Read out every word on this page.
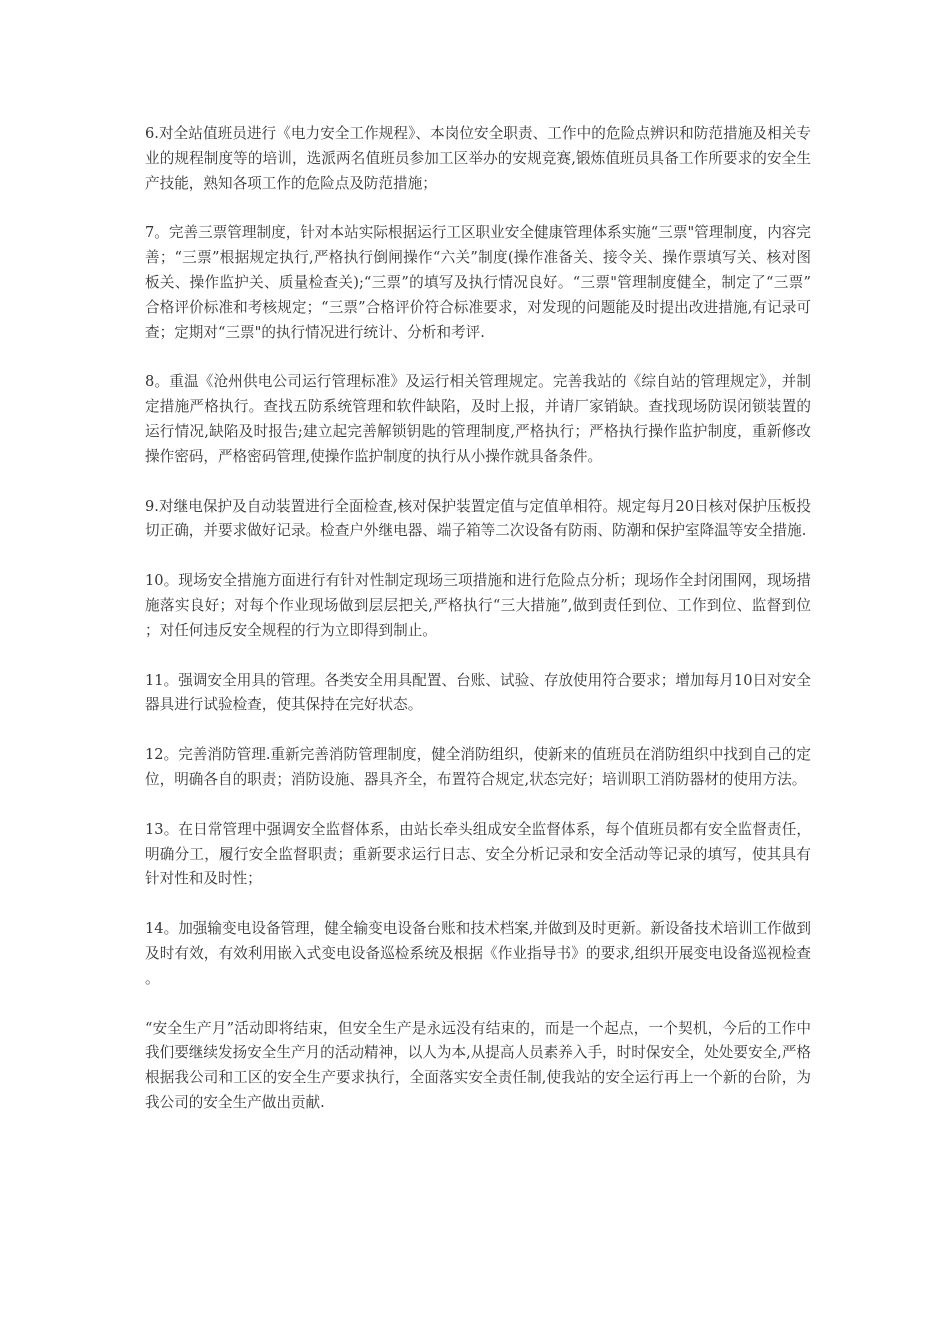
6.对全站值班员进行《电力安全工作规程》、本岗位安全职责、工作中的危险点辨识和防范措施及相关专业的规程制度等的培训，选派两名值班员参加工区举办的安规竞赛,锻炼值班员具备工作所要求的安全生产技能，熟知各项工作的危险点及防范措施；

7。完善三票管理制度，针对本站实际根据运行工区职业安全健康管理体系实施“三票"管理制度，内容完善；“三票”根据规定执行,严格执行倒闸操作“六关”制度(操作准备关、接令关、操作票填写关、核对图板关、操作监护关、质量检查关);“三票”的填写及执行情况良好。“三票"管理制度健全，制定了“三票”合格评价标准和考核规定；“三票”合格评价符合标准要求，对发现的问题能及时提出改进措施,有记录可查；定期对“三票"的执行情况进行统计、分析和考评.

8。重温《沧州供电公司运行管理标准》及运行相关管理规定。完善我站的《综自站的管理规定》，并制定措施严格执行。查找五防系统管理和软件缺陷，及时上报，并请厂家销缺。查找现场防误闭锁装置的运行情况,缺陷及时报告;建立起完善解锁钥匙的管理制度,严格执行；严格执行操作监护制度，重新修改操作密码，严格密码管理,使操作监护制度的执行从小操作就具备条件。

9.对继电保护及自动装置进行全面检查,核对保护装置定值与定值单相符。规定每月20日核对保护压板投切正确，并要求做好记录。检查户外继电器、端子箱等二次设备有防雨、防潮和保护室降温等安全措施.

10。现场安全措施方面进行有针对性制定现场三项措施和进行危险点分析；现场作全封闭围网，现场措施落实良好；对每个作业现场做到层层把关,严格执行“三大措施”,做到责任到位、工作到位、监督到位；对任何违反安全规程的行为立即得到制止。

11。强调安全用具的管理。各类安全用具配置、台账、试验、存放使用符合要求；增加每月10日对安全器具进行试验检查，使其保持在完好状态。

12。完善消防管理.重新完善消防管理制度，健全消防组织，使新来的值班员在消防组织中找到自己的定位，明确各自的职责；消防设施、器具齐全，布置符合规定,状态完好；培训职工消防器材的使用方法。

13。在日常管理中强调安全监督体系，由站长牵头组成安全监督体系，每个值班员都有安全监督责任，明确分工，履行安全监督职责；重新要求运行日志、安全分析记录和安全活动等记录的填写，使其具有针对性和及时性；

14。加强输变电设备管理，健全输变电设备台账和技术档案,并做到及时更新。新设备技术培训工作做到及时有效，有效利用嵌入式变电设备巡检系统及根据《作业指导书》的要求,组织开展变电设备巡视检查。

“安全生产月”活动即将结束，但安全生产是永远没有结束的，而是一个起点，一个契机，今后的工作中我们要继续发扬安全生产月的活动精神，以人为本,从提高人员素养入手，时时保安全，处处要安全,严格根据我公司和工区的安全生产要求执行，全面落实安全责任制,使我站的安全运行再上一个新的台阶，为我公司的安全生产做出贡献.
